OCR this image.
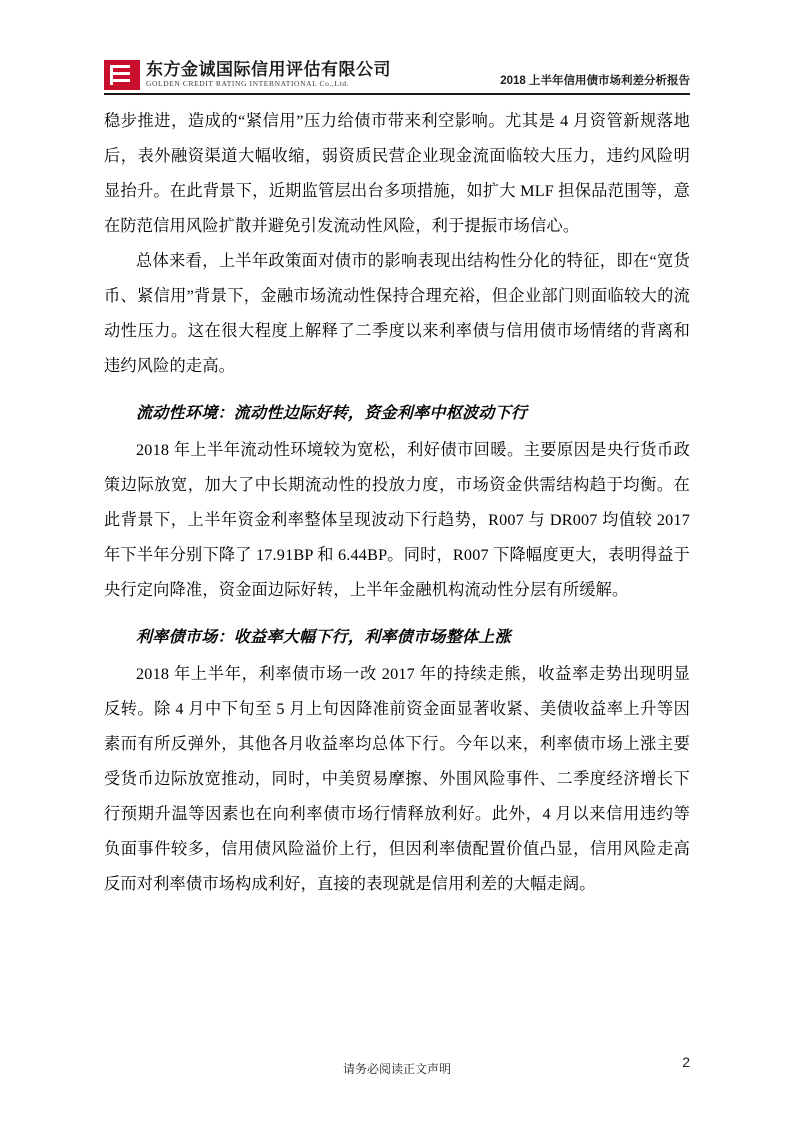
东方金诚国际信用评估有限公司
GOLDEN CREDIT RATING INTERNATIONAL Co.,Ltd.	2018 上半年信用债市场利差分析报告

稳步推进，造成的“紧信用”压力给债市带来利空影响。尤其是 4 月资管新规落地后，表外融资渠道大幅收缩，弱资质民营企业现金流面临较大压力，违约风险明显抬升。在此背景下，近期监管层出台多项措施，如扩大 MLF 担保品范围等，意在防范信用风险扩散并避免引发流动性风险，利于提振市场信心。

总体来看，上半年政策面对债市的影响表现出结构性分化的特征，即在“宽货币、紧信用”背景下，金融市场流动性保持合理充裕，但企业部门则面临较大的流动性压力。这在很大程度上解释了二季度以来利率债与信用债市场情绪的背离和违约风险的走高。

流动性环境：流动性边际好转，资金利率中枢波动下行

2018 年上半年流动性环境较为宽松，利好债市回暖。主要原因是央行货币政策边际放宽，加大了中长期流动性的投放力度，市场资金供需结构趋于均衡。在此背景下，上半年资金利率整体呈现波动下行趋势，R007 与 DR007 均值较 2017 年下半年分别下降了 17.91BP 和 6.44BP。同时，R007 下降幅度更大，表明得益于央行定向降准，资金面边际好转，上半年金融机构流动性分层有所缓解。

利率债市场：收益率大幅下行，利率债市场整体上涨

2018 年上半年，利率债市场一改 2017 年的持续走熊，收益率走势出现明显反转。除 4 月中下旬至 5 月上旬因降准前资金面显著收紧、美债收益率上升等因素而有所反弹外，其他各月收益率均总体下行。今年以来，利率债市场上涨主要受货币边际放宽推动，同时，中美贸易摩擦、外围风险事件、二季度经济增长下行预期升温等因素也在向利率债市场行情释放利好。此外，4 月以来信用违约等负面事件较多，信用债风险溢价上行，但因利率债配置价值凸显，信用风险走高反而对利率债市场构成利好，直接的表现就是信用利差的大幅走阔。

请务必阅读正文声明	2
